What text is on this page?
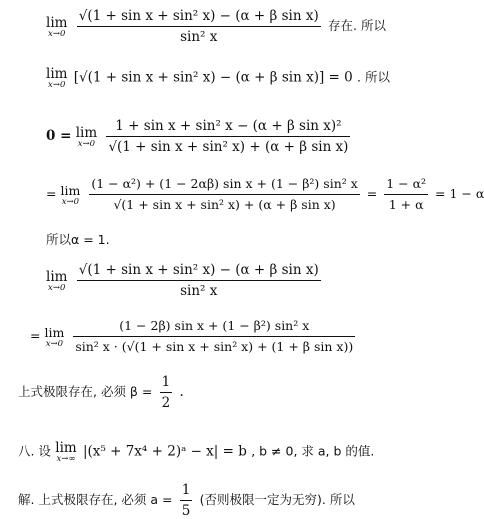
lim
x→0
$\frac{\text{√(1 + sin x + sin² x) − (α + β sin x)}}{\text{sin² x}}$ 存在. 所以
lim
x→0 [√(1 + sin x + sin² x) − (α + β sin x)] = 0 . 所以
0 = lim
x→0
$\frac{\text{1 + sin x + sin² x − (α + β sin x)²}}{\text{√(1 + sin x + sin² x) + (α + β sin x)}}$
= lim
x→0
$\frac{\text{(1 − α²) + (1 − 2αβ) sin x + (1 − β²) sin² x}}{\text{√(1 + sin x + sin² x) + (α + β sin x)}} = \frac{\text{1 − α²}}{1 + \alpha} = 1 - \alpha$
所以α = 1.
lim
x→0
$\frac{\text{√(1 + sin x + sin² x) − (α + β sin x)}}{\text{sin² x}}$
= lim
x→0
$\frac{\text{(1 − 2β) sin x + (1 − β²) sin² x}}{\text{sin² x · (√(1 + sin x + sin² x) + (1 + β sin x))}}$
上式极限存在, 必须 $\beta = \frac{1}{2}$ .
八. 设 lim
x→∞ |(x⁵ + 7x⁴ + 2)ᵃ − x| = b , b ≠ 0, 求 a, b 的值.
解. 上式极限存在, 必须 $a = \frac{1}{5}$ (否则极限一定为无穷). 所以
